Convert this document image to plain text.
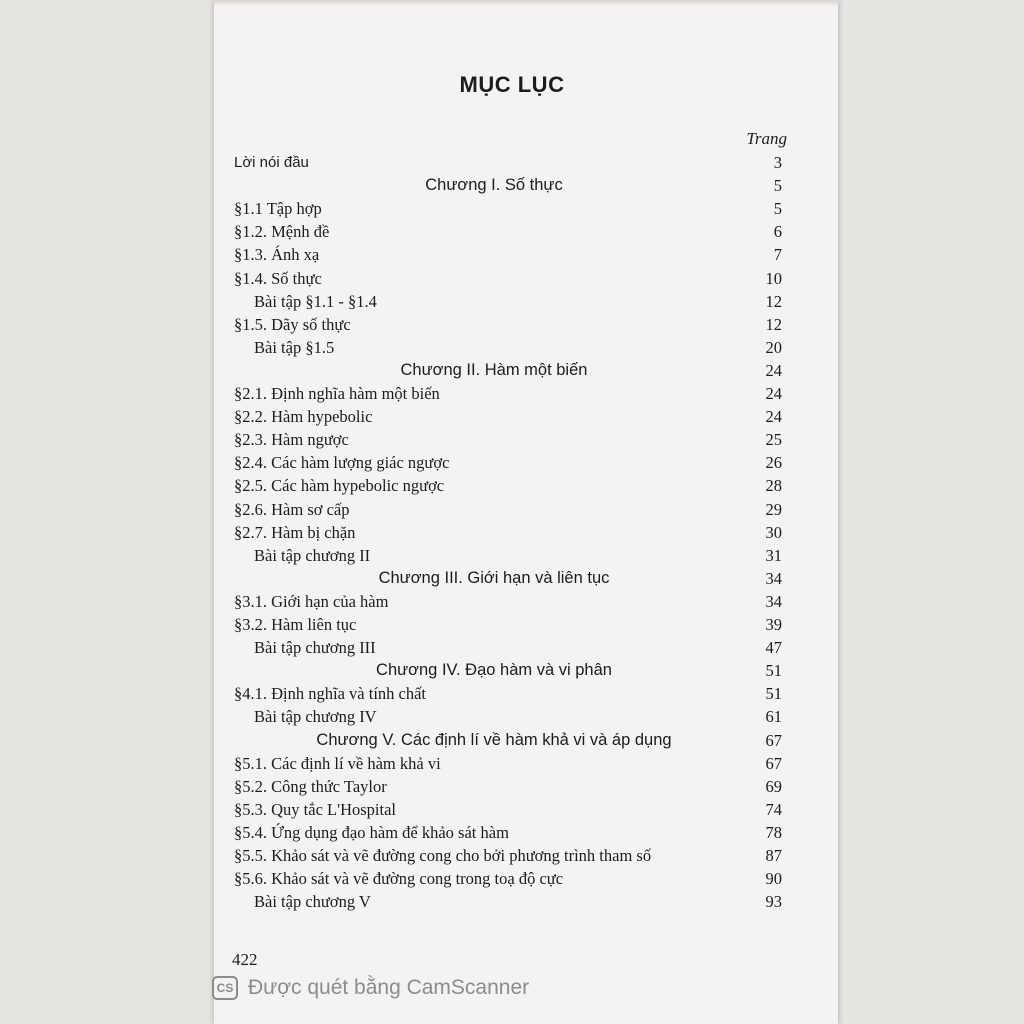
MỤC LỤC
Trang
Lời nói đầu	3
Chương I. Số thực	5
§1.1 Tập hợp	5
§1.2. Mệnh đề	6
§1.3. Ánh xạ	7
§1.4. Số thực	10
Bài tập §1.1 - §1.4	12
§1.5. Dãy số thực	12
Bài tập §1.5	20
Chương II. Hàm một biến	24
§2.1. Định nghĩa hàm một biến	24
§2.2. Hàm hypebolic	24
§2.3. Hàm ngược	25
§2.4. Các hàm lượng giác ngược	26
§2.5. Các hàm hypebolic ngược	28
§2.6. Hàm sơ cấp	29
§2.7. Hàm bị chặn	30
Bài tập chương II	31
Chương III. Giới hạn và liên tục	34
§3.1. Giới hạn của hàm	34
§3.2. Hàm liên tục	39
Bài tập chương III	47
Chương IV. Đạo hàm và vi phân	51
§4.1. Định nghĩa và tính chất	51
Bài tập chương IV	61
Chương V. Các định lí về hàm khả vi và áp dụng	67
§5.1. Các định lí về hàm khả vi	67
§5.2. Công thức Taylor	69
§5.3. Quy tắc L'Hospital	74
§5.4. Ứng dụng đạo hàm để khảo sát hàm	78
§5.5. Khảo sát và vẽ đường cong cho bởi phương trình tham số	87
§5.6. Khảo sát và vẽ đường cong trong toạ độ cực	90
Bài tập chương V	93
422
CS Được quét bằng CamScanner
